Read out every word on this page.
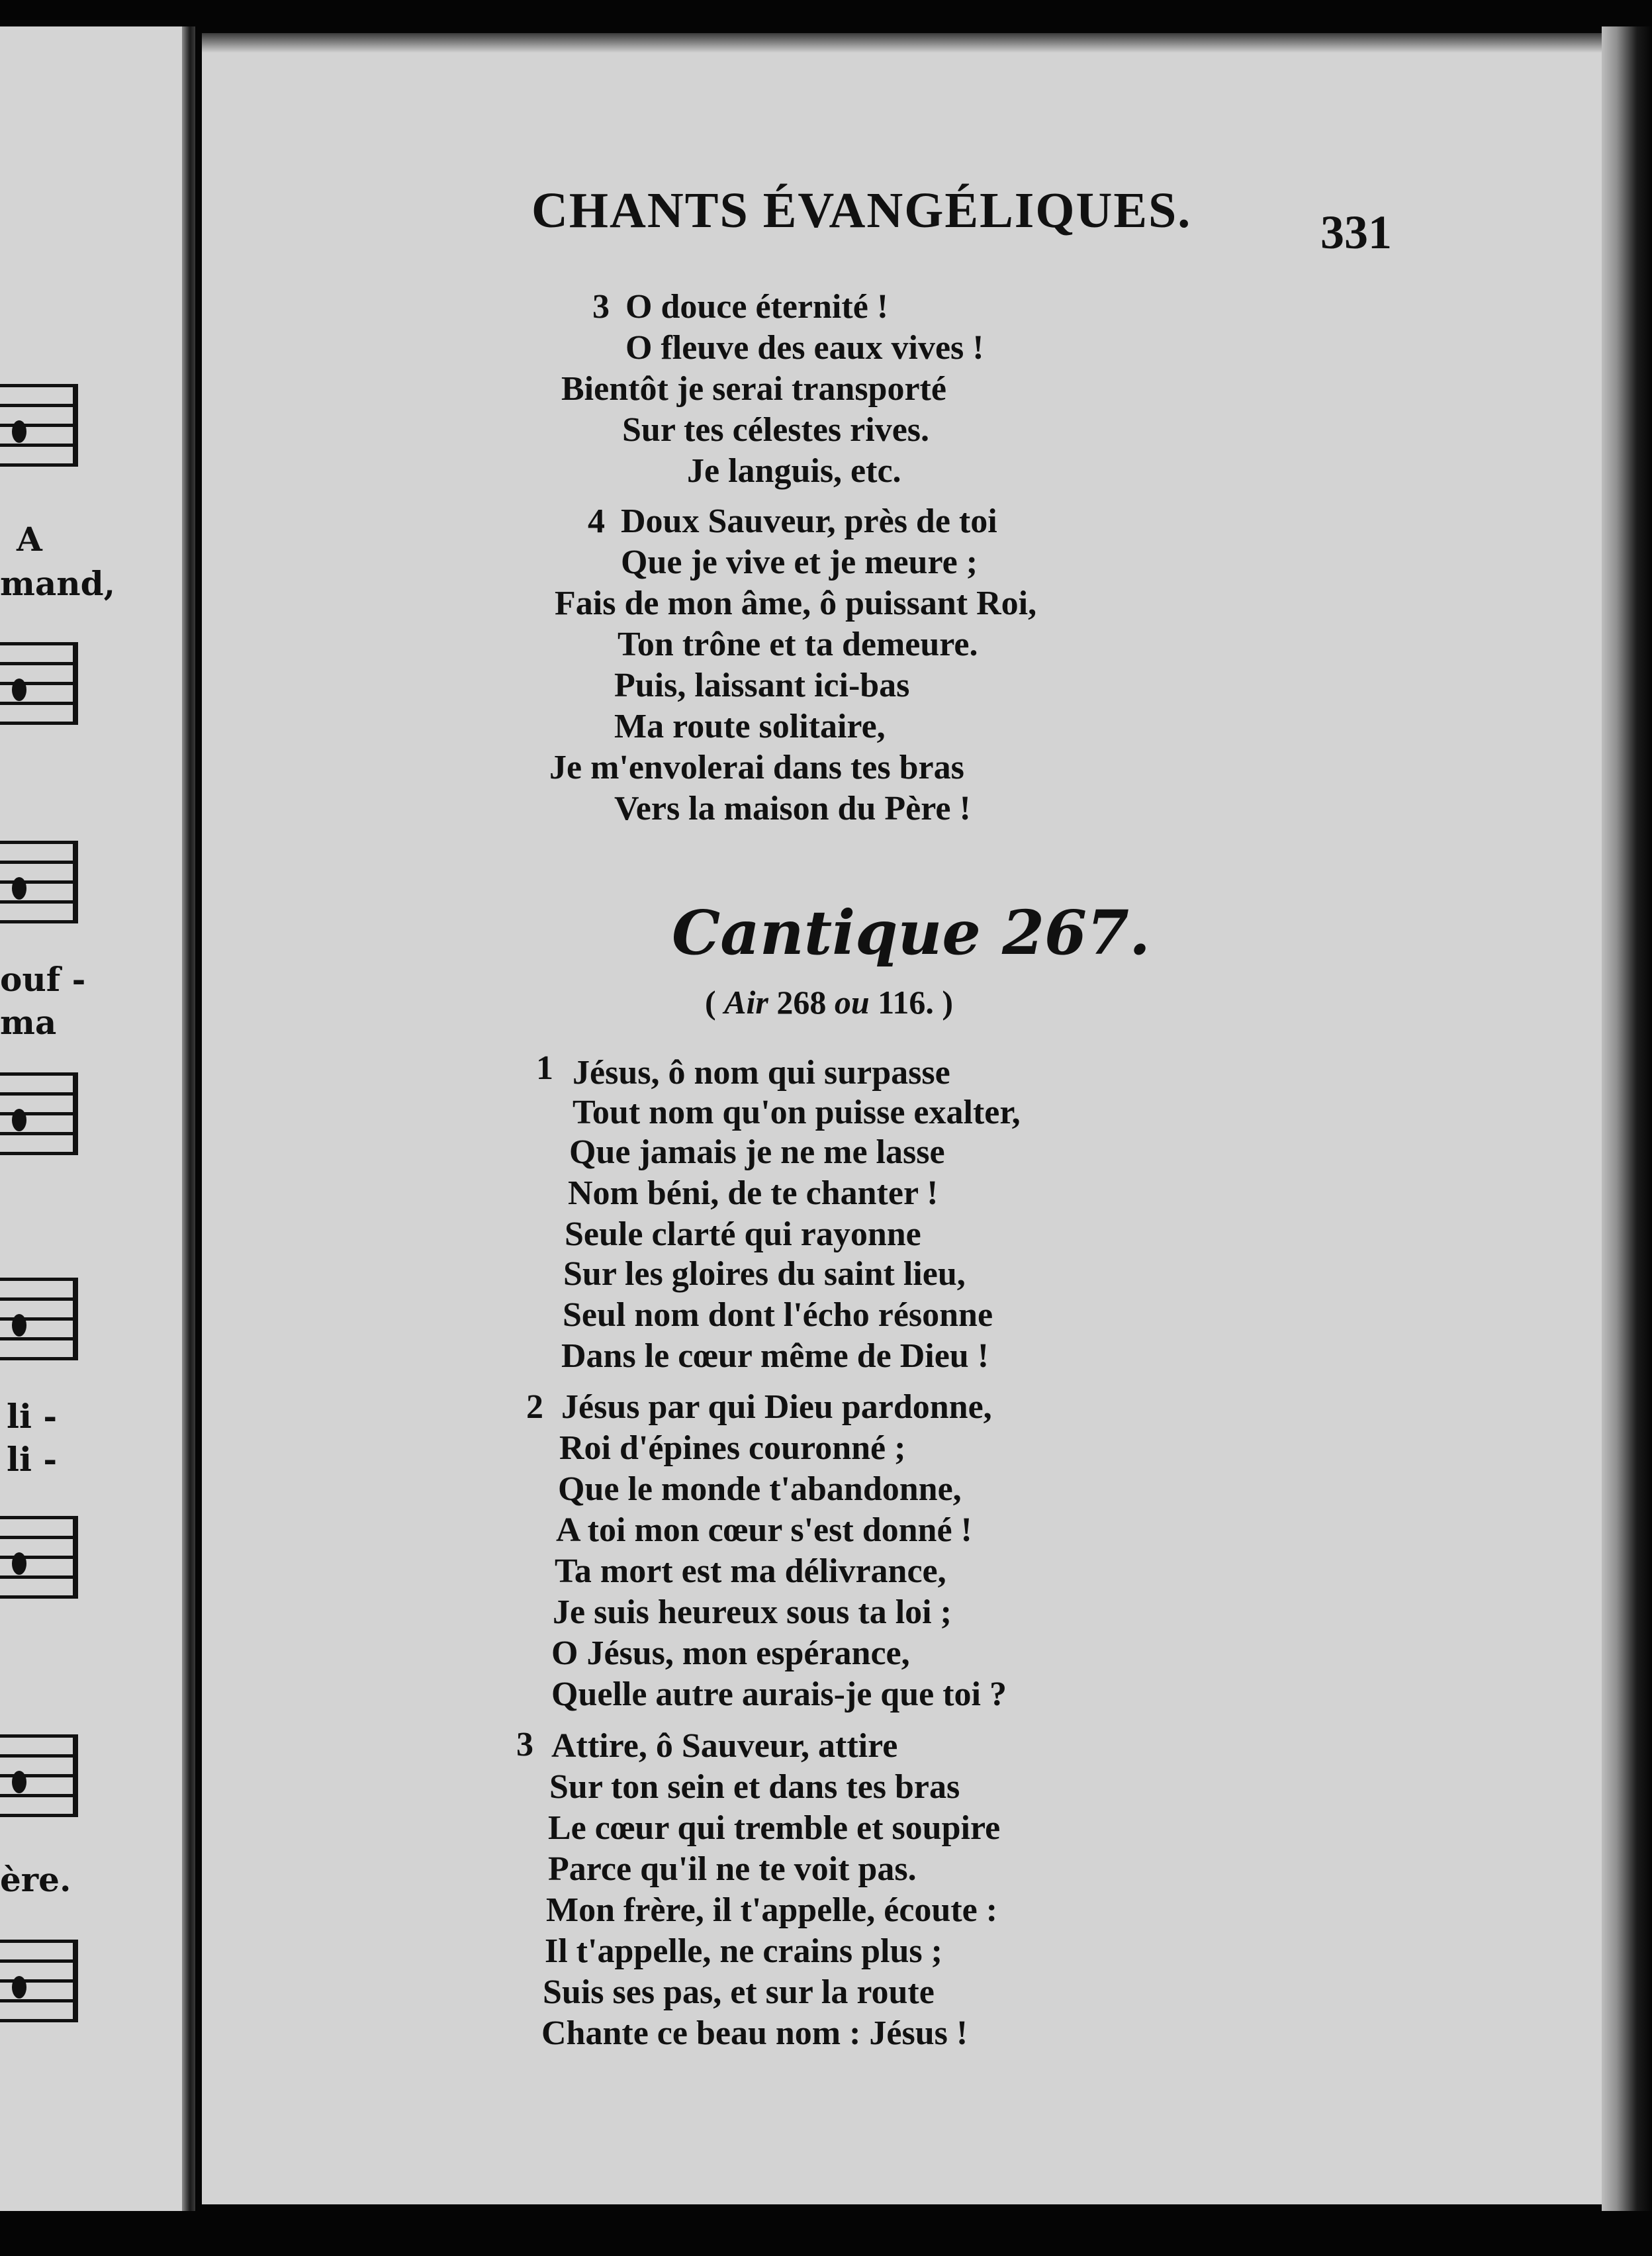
A
mand,
ouf -
ma
li -
li -
ère.
CHANTS ÉVANGÉLIQUES.	331
3 O douce éternité !
O fleuve des eaux vives !
Bientôt je serai transporté
Sur tes célestes rives.
Je languis, etc.
4 Doux Sauveur, près de toi
Que je vive et je meure ;
Fais de mon âme, ô puissant Roi,
Ton trône et ta demeure.
Puis, laissant ici-bas
Ma route solitaire,
Je m'envolerai dans tes bras
Vers la maison du Père !
Cantique 267.
( Air 268 ou 116. )
1 Jésus, ô nom qui surpasse
Tout nom qu'on puisse exalter,
Que jamais je ne me lasse
Nom béni, de te chanter !
Seule clarté qui rayonne
Sur les gloires du saint lieu,
Seul nom dont l'écho résonne
Dans le cœur même de Dieu !
2 Jésus par qui Dieu pardonne,
Roi d'épines couronné ;
Que le monde t'abandonne,
A toi mon cœur s'est donné !
Ta mort est ma délivrance,
Je suis heureux sous ta loi ;
O Jésus, mon espérance,
Quelle autre aurais-je que toi ?
3 Attire, ô Sauveur, attire
Sur ton sein et dans tes bras
Le cœur qui tremble et soupire
Parce qu'il ne te voit pas.
Mon frère, il t'appelle, écoute :
Il t'appelle, ne crains plus ;
Suis ses pas, et sur la route
Chante ce beau nom : Jésus !
